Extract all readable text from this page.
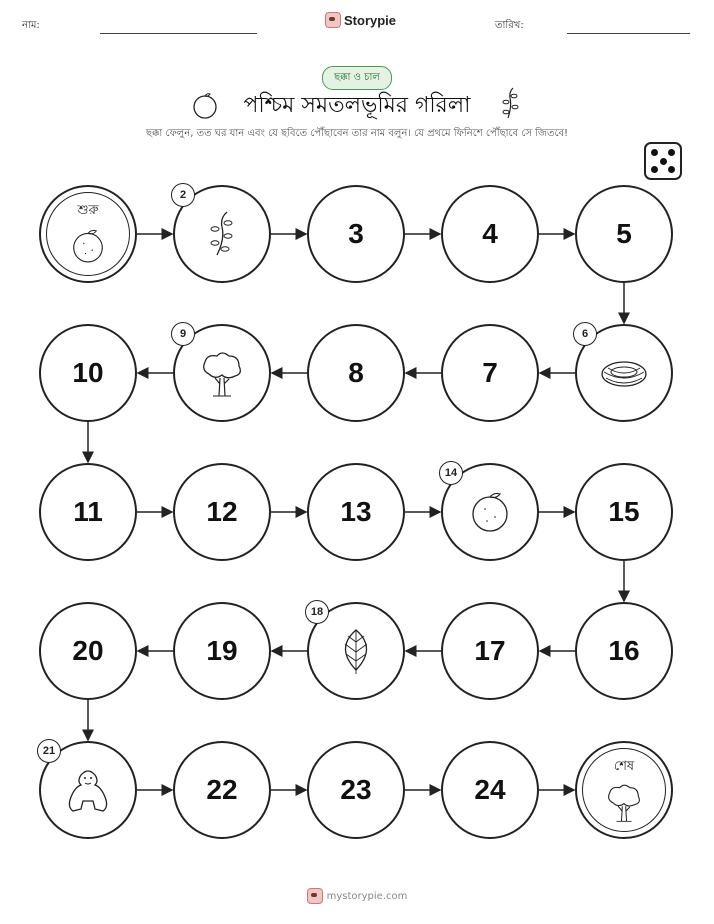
নাম:	Storypie	তারিখ:
ছক্কা ও চাল
পশ্চিম সমতলভূমির গরিলা
ছক্কা ফেলুন, তত ঘর যান এবং যে ছবিতে পৌঁছাবেন তার নাম বলুন। যে প্রথমে ফিনিশে পৌঁছাবে সে জিতবে!
শুরু
2
3	4	5
6
7
8
9
10
11	12	13
14
15
16
17
18
19
20
21
22	23	24
শেষ
mystorypie.com
